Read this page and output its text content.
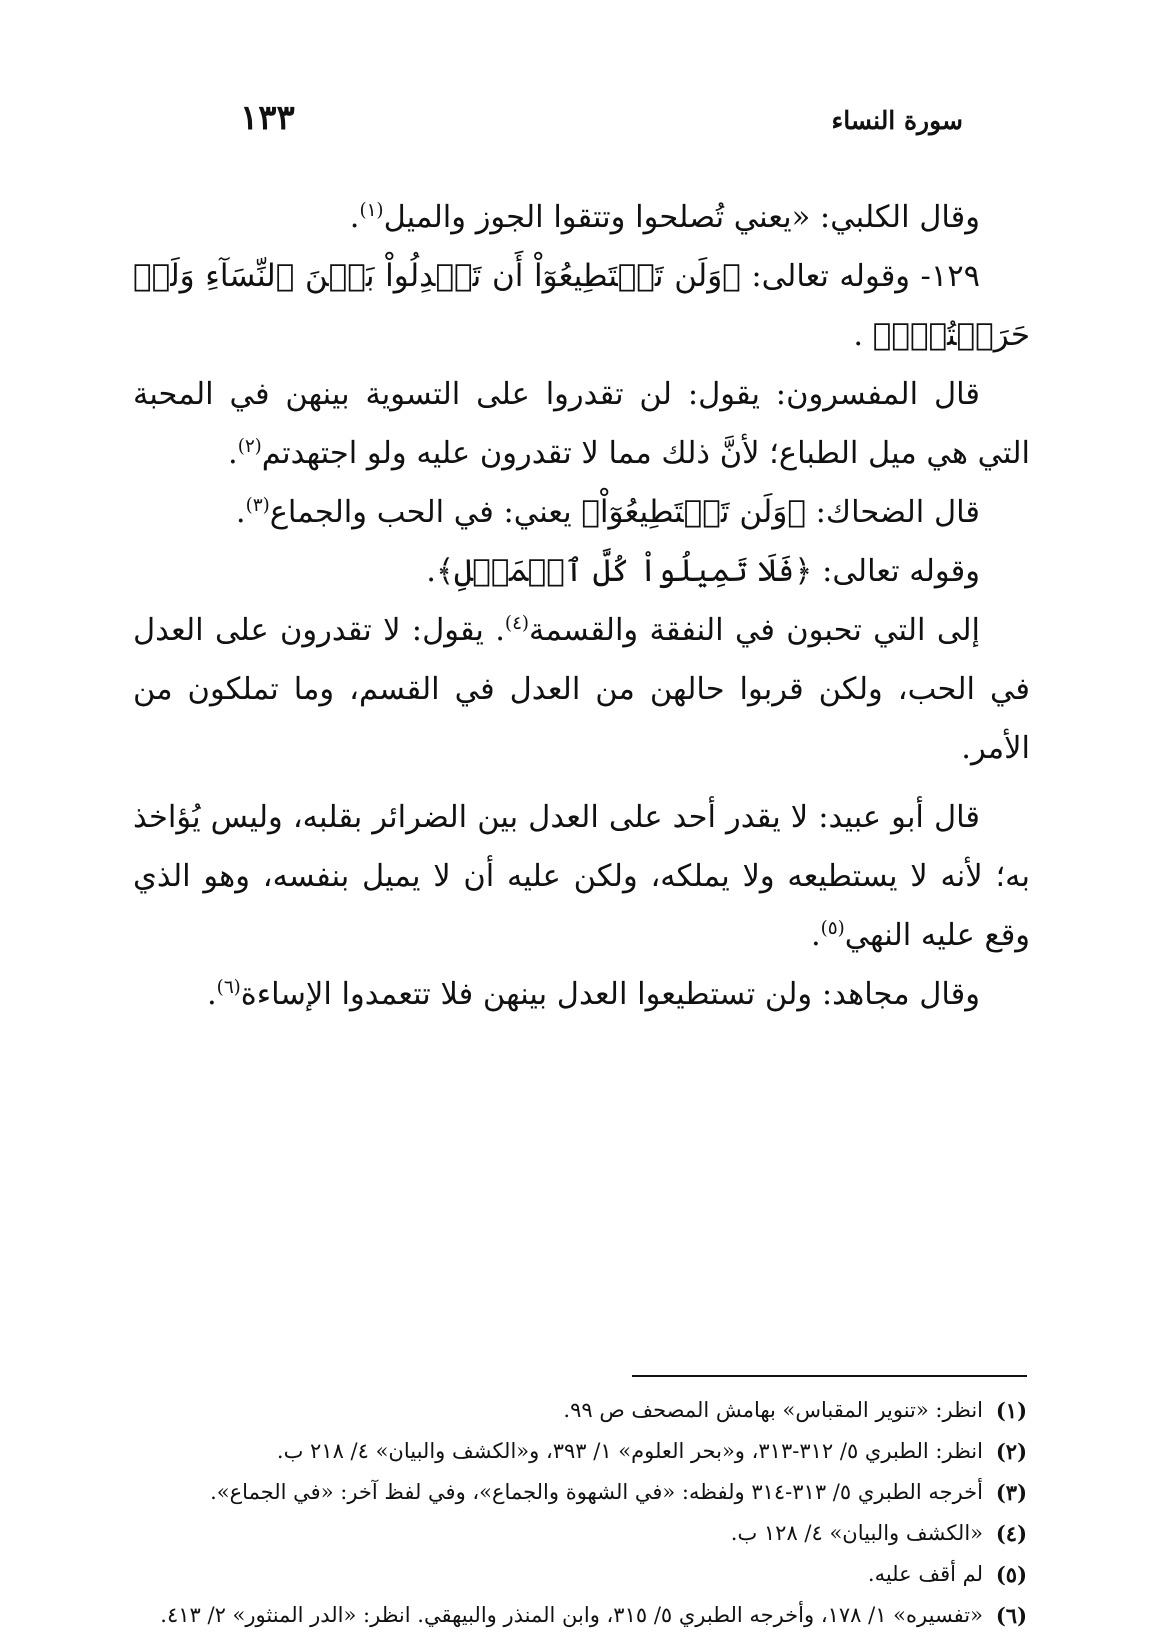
سورة النساء
١٣٣

وقال الكلبي: «يعني تُصلحوا وتتقوا الجوز والميل$^{(١)}$.

١٢٩- وقوله تعالى: ﴿وَلَن تَسۡتَطِيعُوٓاْ أَن تَعۡدِلُواْ بَيۡنَ ٱلنِّسَآءِ وَلَوۡ حَرَصۡتُمۡۖ﴾ .

قال المفسرون: يقول: لن تقدروا على التسوية بينهن في المحبة التي هي ميل الطباع؛ لأنَّ ذلك مما لا تقدرون عليه ولو اجتهدتم$^{(٢)}$.

قال الضحاك: ﴿وَلَن تَسۡتَطِيعُوٓاْ﴾ يعني: في الحب والجماع$^{(٣)}$.

وقوله تعالى: ﴿فَلَا تَمِيلُواْ كُلَّ ٱلۡمَيۡلِ﴾.

إلى التي تحبون في النفقة والقسمة$^{(٤)}$. يقول: لا تقدرون على العدل في الحب، ولكن قربوا حالهن من العدل في القسم، وما تملكون من الأمر.

قال أبو عبيد: لا يقدر أحد على العدل بين الضرائر بقلبه، وليس يُؤاخذ به؛ لأنه لا يستطيعه ولا يملكه، ولكن عليه أن لا يميل بنفسه، وهو الذي وقع عليه النهي$^{(٥)}$.

وقال مجاهد: ولن تستطيعوا العدل بينهن فلا تتعمدوا الإساءة$^{(٦)}$.

(١)
انظر: «تنوير المقباس» بهامش المصحف ص ٩٩.
(٢)
انظر: الطبري ٥/ ٣١٢-٣١٣، و«بحر العلوم» ١/ ٣٩٣، و«الكشف والبيان» ٤/ ٢١٨ ب.
(٣)
أخرجه الطبري ٥/ ٣١٣-٣١٤ ولفظه: «في الشهوة والجماع»، وفي لفظ آخر: «في الجماع».
(٤)
«الكشف والبيان» ٤/ ١٢٨ ب.
(٥)
لم أقف عليه.
(٦)
«تفسيره» ١/ ١٧٨، وأخرجه الطبري ٥/ ٣١٥، وابن المنذر والبيهقي. انظر: «الدر المنثور» ٢/ ٤١٣.
